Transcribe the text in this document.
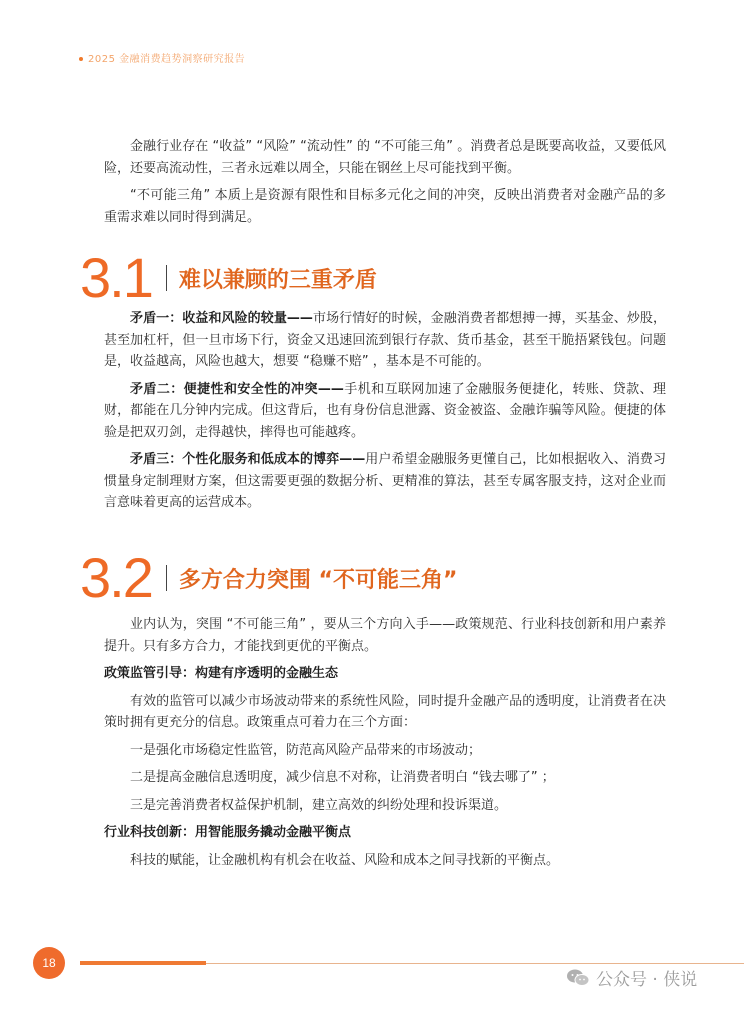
2025 金融消费趋势洞察研究报告

金融行业存在 “收益” “风险” “流动性” 的 “不可能三角” 。消费者总是既要高收益，又要低风险，还要高流动性，三者永远难以周全，只能在钢丝上尽可能找到平衡。

“不可能三角” 本质上是资源有限性和目标多元化之间的冲突，反映出消费者对金融产品的多重需求难以同时得到满足。

3.1 难以兼顾的三重矛盾

矛盾一：收益和风险的较量——市场行情好的时候，金融消费者都想搏一搏，买基金、炒股，甚至加杠杆，但一旦市场下行，资金又迅速回流到银行存款、货币基金，甚至干脆捂紧钱包。问题是，收益越高，风险也越大，想要 “稳赚不赔” ，基本是不可能的。

矛盾二：便捷性和安全性的冲突——手机和互联网加速了金融服务便捷化，转账、贷款、理财，都能在几分钟内完成。但这背后，也有身份信息泄露、资金被盗、金融诈骗等风险。便捷的体验是把双刃剑，走得越快，摔得也可能越疼。

矛盾三：个性化服务和低成本的博弈——用户希望金融服务更懂自己，比如根据收入、消费习惯量身定制理财方案，但这需要更强的数据分析、更精准的算法，甚至专属客服支持，这对企业而言意味着更高的运营成本。

3.2 多方合力突围 “不可能三角”

业内认为，突围 “不可能三角” ，要从三个方向入手——政策规范、行业科技创新和用户素养提升。只有多方合力，才能找到更优的平衡点。

政策监管引导：构建有序透明的金融生态

有效的监管可以减少市场波动带来的系统性风险，同时提升金融产品的透明度，让消费者在决策时拥有更充分的信息。政策重点可着力在三个方面：

一是强化市场稳定性监管，防范高风险产品带来的市场波动；

二是提高金融信息透明度，减少信息不对称，让消费者明白 “钱去哪了” ；

三是完善消费者权益保护机制，建立高效的纠纷处理和投诉渠道。

行业科技创新：用智能服务撬动金融平衡点

科技的赋能，让金融机构有机会在收益、风险和成本之间寻找新的平衡点。

18
公众号 · 侠说
